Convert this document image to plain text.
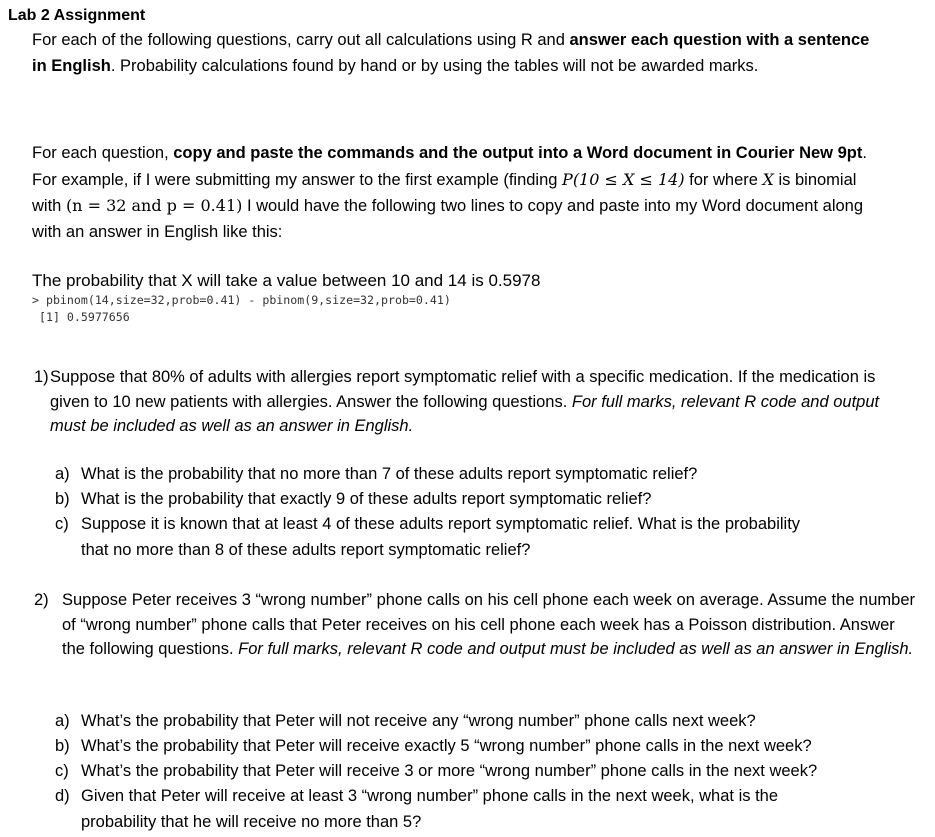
Lab 2 Assignment

For each of the following questions, carry out all calculations using R and answer each question with a sentence in English. Probability calculations found by hand or by using the tables will not be awarded marks.

For each question, copy and paste the commands and the output into a Word document in Courier New 9pt. For example, if I were submitting my answer to the first example (finding P(10 ≤ X ≤ 14) for where X is binomial with (n = 32 and p = 0.41) I would have the following two lines to copy and paste into my Word document along with an answer in English like this:

The probability that X will take a value between 10 and 14 is 0.5978
> pbinom(14,size=32,prob=0.41) - pbinom(9,size=32,prob=0.41)
[1] 0.5977656
1) Suppose that 80% of adults with allergies report symptomatic relief with a specific medication. If the medication is given to 10 new patients with allergies. Answer the following questions. For full marks, relevant R code and output must be included as well as an answer in English.
a) What is the probability that no more than 7 of these adults report symptomatic relief?
b) What is the probability that exactly 9 of these adults report symptomatic relief?
c) Suppose it is known that at least 4 of these adults report symptomatic relief. What is the probability
that no more than 8 of these adults report symptomatic relief?
2) Suppose Peter receives 3 “wrong number” phone calls on his cell phone each week on average. Assume the number of “wrong number” phone calls that Peter receives on his cell phone each week has a Poisson distribution. Answer the following questions. For full marks, relevant R code and output must be included as well as an answer in English.
a) What’s the probability that Peter will not receive any “wrong number” phone calls next week?
b) What’s the probability that Peter will receive exactly 5 “wrong number” phone calls in the next week?
c) What’s the probability that Peter will receive 3 or more “wrong number” phone calls in the next week?
d) Given that Peter will receive at least 3 “wrong number” phone calls in the next week, what is the
probability that he will receive no more than 5?
